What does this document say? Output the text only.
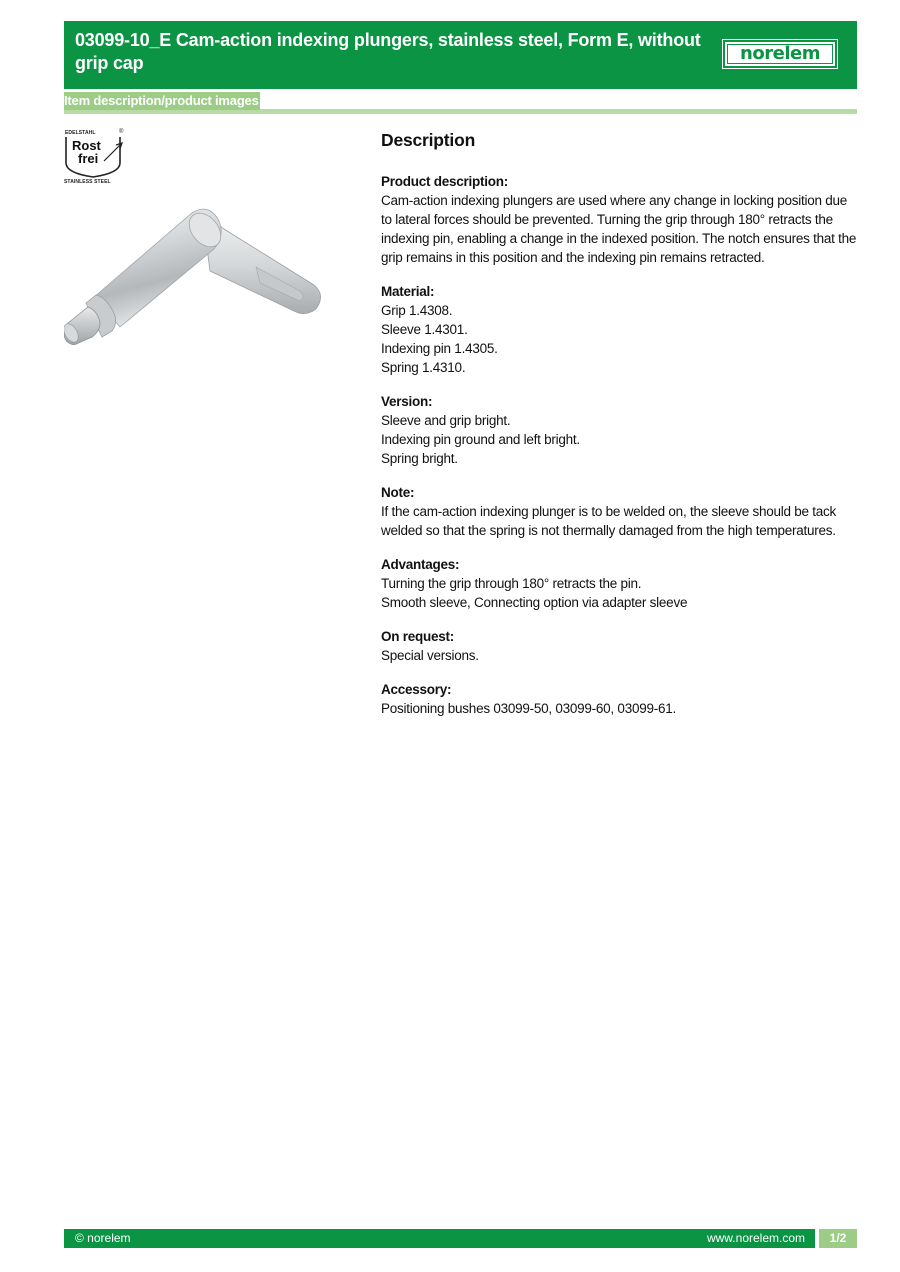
03099-10_E Cam-action indexing plungers, stainless steel, Form E, without grip cap	norelem
Item description/product images
EDELSTAHL	®
Rost
frei
STAINLESS STEEL
Description
Product description:
Cam-action indexing plungers are used where any change in locking position due to lateral forces should be prevented. Turning the grip through 180° retracts the indexing pin, enabling a change in the indexed position. The notch ensures that the grip remains in this position and the indexing pin remains retracted.
Material:
Grip 1.4308.
Sleeve 1.4301.
Indexing pin 1.4305.
Spring 1.4310.
Version:
Sleeve and grip bright.
Indexing pin ground and left bright.
Spring bright.
Note:
If the cam-action indexing plunger is to be welded on, the sleeve should be tack welded so that the spring is not thermally damaged from the high temperatures.
Advantages:
Turning the grip through 180° retracts the pin.
Smooth sleeve, Connecting option via adapter sleeve
On request:
Special versions.
Accessory:
Positioning bushes 03099-50, 03099-60, 03099-61.
© norelem	www.norelem.com	1/2
